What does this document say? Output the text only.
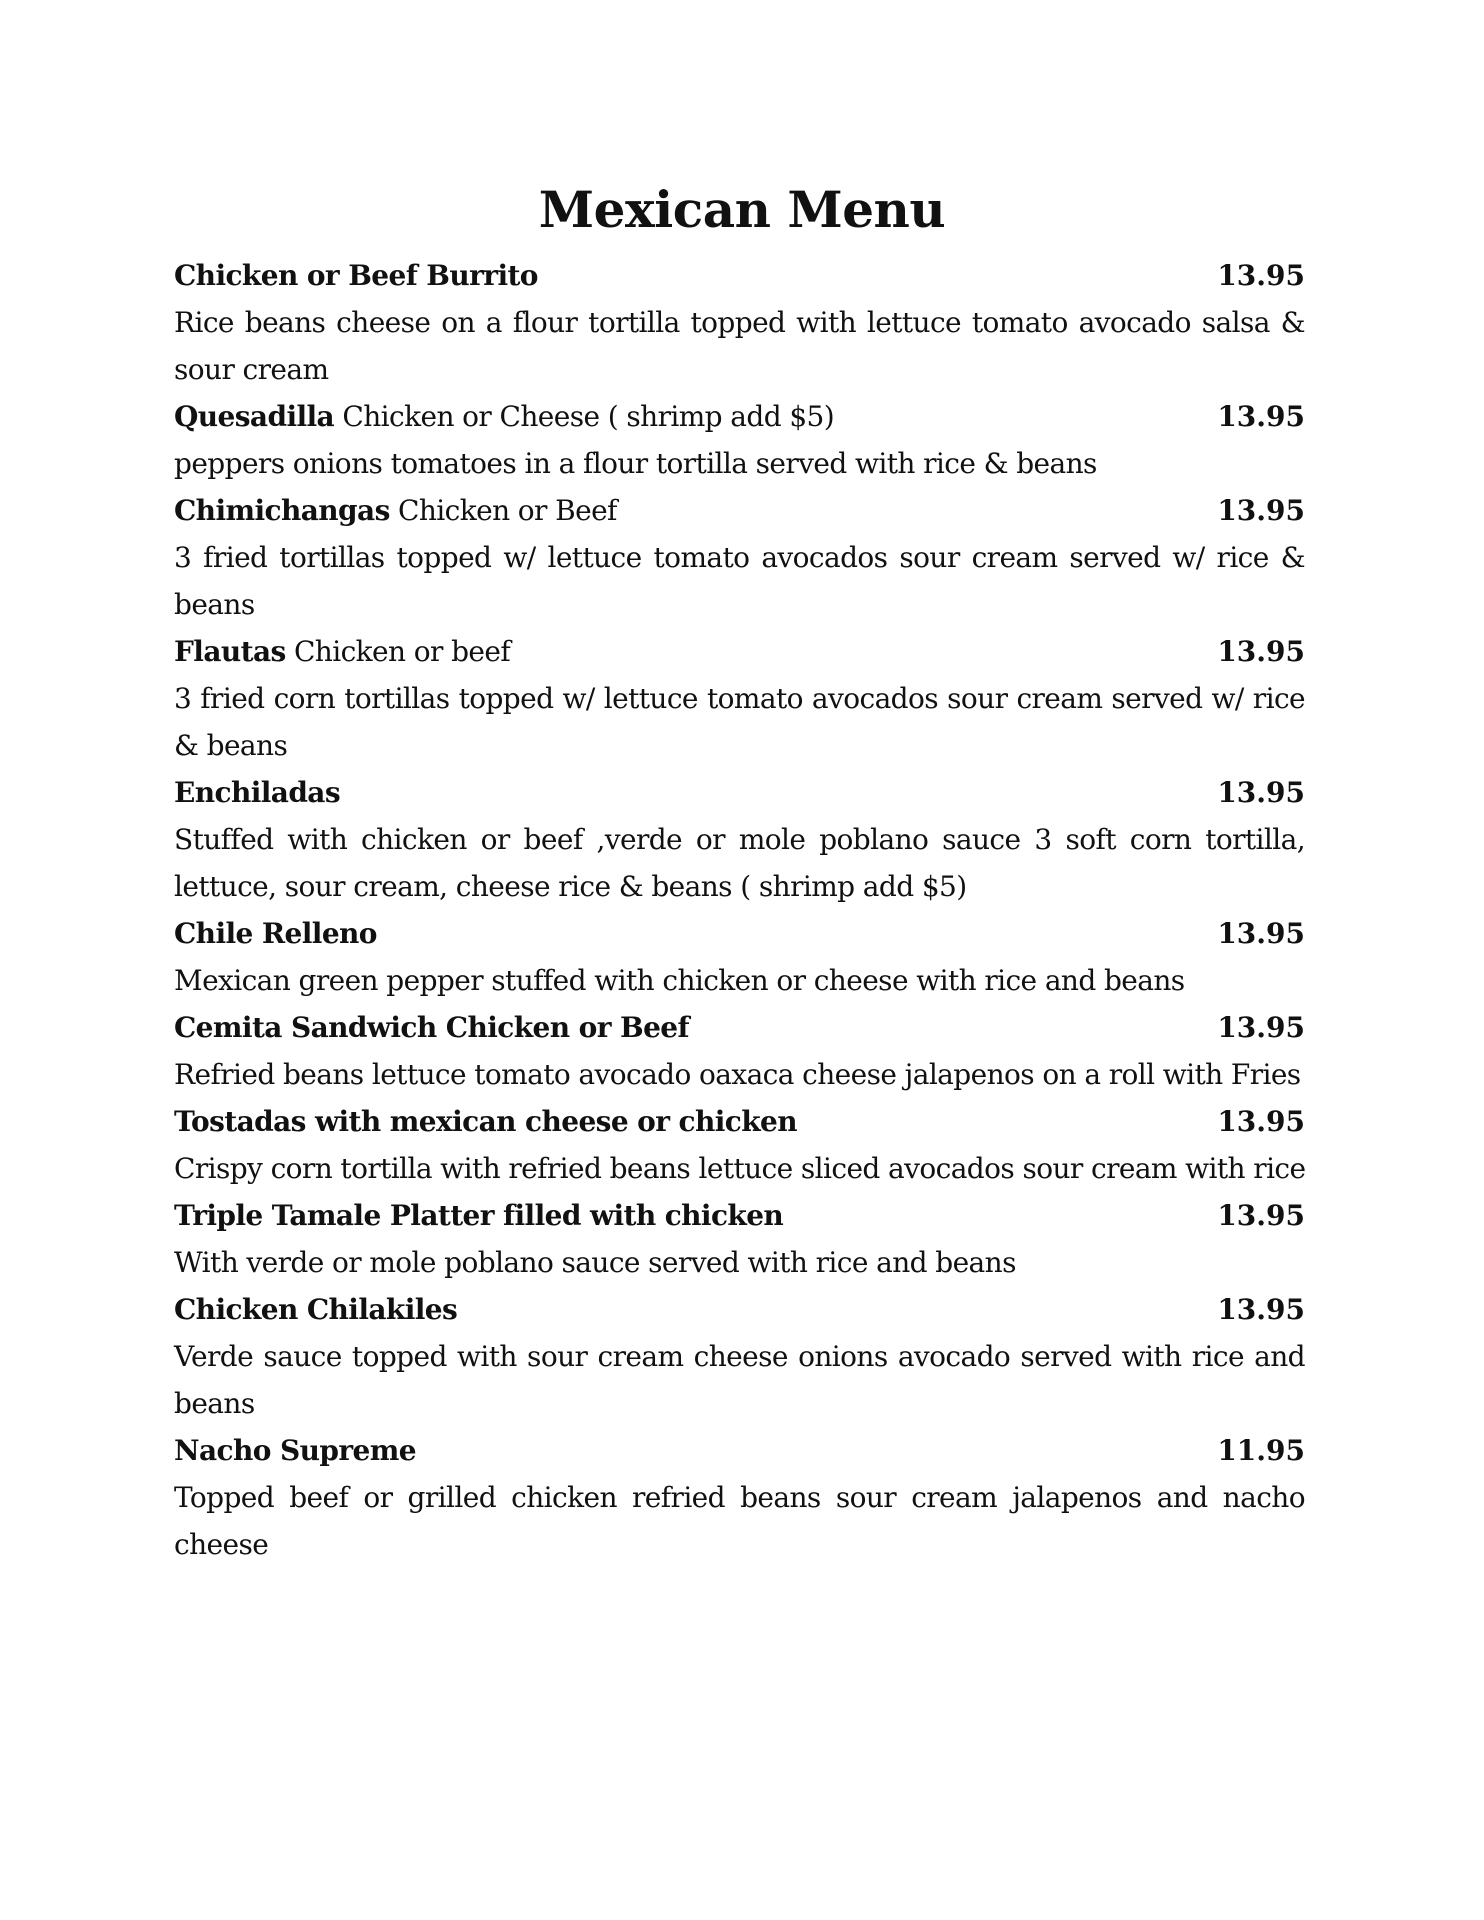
Mexican Menu
Chicken or Beef Burrito	13.95

Rice beans cheese on a flour tortilla topped with lettuce tomato avocado salsa & sour cream

Quesadilla Chicken or Cheese ( shrimp add $5)	13.95

peppers onions tomatoes in a flour tortilla served with rice & beans

Chimichangas Chicken or Beef	13.95

3 fried tortillas topped w/ lettuce tomato avocados sour cream served w/ rice & beans

Flautas Chicken or beef	13.95

3 fried corn tortillas topped w/ lettuce tomato avocados sour cream served w/ rice & beans

Enchiladas	13.95

Stuffed with chicken or beef ,verde or mole poblano sauce 3 soft corn tortilla, lettuce, sour cream, cheese rice & beans ( shrimp add $5)

Chile Relleno	13.95

Mexican green pepper stuffed with chicken or cheese with rice and beans

Cemita Sandwich Chicken or Beef	13.95

Refried beans lettuce tomato avocado oaxaca cheese jalapenos on a roll with Fries

Tostadas with mexican cheese or chicken	13.95

Crispy corn tortilla with refried beans lettuce sliced avocados sour cream with rice

Triple Tamale Platter filled with chicken	13.95

With verde or mole poblano sauce served with rice and beans

Chicken Chilakiles	13.95

Verde sauce topped with sour cream cheese onions avocado served with rice and beans

Nacho Supreme	11.95

Topped beef or grilled chicken refried beans sour cream jalapenos and nacho cheese
